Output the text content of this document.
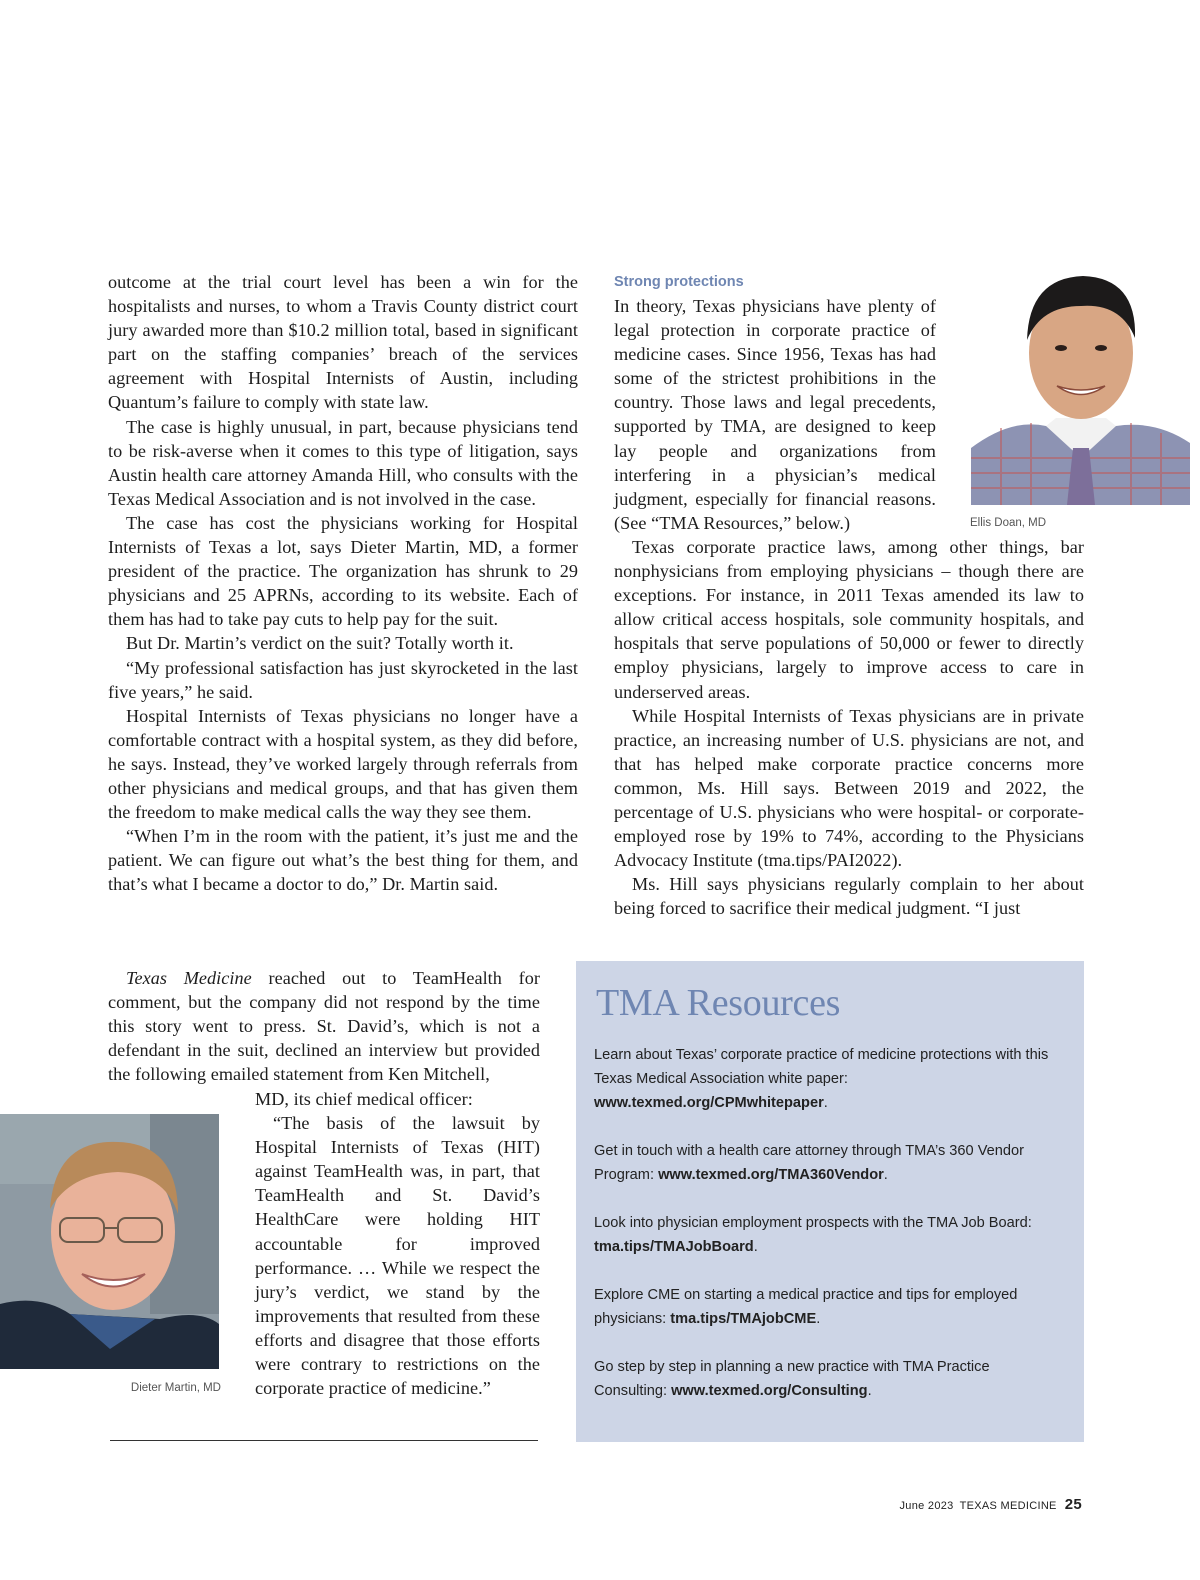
outcome at the trial court level has been a win for the hospitalists and nurses, to whom a Travis County district court jury awarded more than $10.2 million total, based in significant part on the staffing companies’ breach of the services agreement with Hospital Internists of Austin, including Quantum’s failure to comply with state law.

The case is highly unusual, in part, because physicians tend to be risk-averse when it comes to this type of litigation, says Austin health care attorney Amanda Hill, who consults with the Texas Medical Association and is not involved in the case.

The case has cost the physicians working for Hospital Internists of Texas a lot, says Dieter Martin, MD, a former president of the practice. The organization has shrunk to 29 physicians and 25 APRNs, according to its website. Each of them has had to take pay cuts to help pay for the suit.

But Dr. Martin’s verdict on the suit? Totally worth it.

“My professional satisfaction has just skyrocketed in the last five years,” he said.

Hospital Internists of Texas physicians no longer have a comfortable contract with a hospital system, as they did before, he says. Instead, they’ve worked largely through referrals from other physicians and medical groups, and that has given them the freedom to make medical calls the way they see them.

“When I’m in the room with the patient, it’s just me and the patient. We can figure out what’s the best thing for them, and that’s what I became a doctor to do,” Dr. Martin said.

Texas Medicine reached out to TeamHealth for comment, but the company did not respond by the time this story went to press. St. David’s, which is not a defendant in the suit, declined an interview but provided the following emailed statement from Ken Mitchell,

MD, its chief medical officer:

“The basis of the lawsuit by Hospital Internists of Texas (HIT) against TeamHealth was, in part, that TeamHealth and St. David’s HealthCare were holding HIT accountable for improved performance. … While we respect the jury’s verdict, we stand by the improvements that resulted from these efforts and disagree that those efforts were contrary to restrictions on the corporate practice of medicine.”

Dieter Martin, MD
Strong protections

In theory, Texas physicians have plenty of legal protection in corporate practice of medicine cases. Since 1956, Texas has had some of the strictest prohibitions in the country. Those laws and legal precedents, supported by TMA, are designed to keep lay people and organizations from interfering in a physician’s medical judgment, especially for financial reasons. (See “TMA Resources,” below.)

Texas corporate practice laws, among other things, bar nonphysicians from employing physicians – though there are exceptions. For instance, in 2011 Texas amended its law to allow critical access hospitals, sole community hospitals, and hospitals that serve populations of 50,000 or fewer to directly employ physicians, largely to improve access to care in underserved areas.

While Hospital Internists of Texas physicians are in private practice, an increasing number of U.S. physicians are not, and that has helped make corporate practice concerns more common, Ms. Hill says. Between 2019 and 2022, the percentage of U.S. physicians who were hospital- or corporate-employed rose by 19% to 74%, according to the Physicians Advocacy Institute (tma.tips/PAI2022).

Ms. Hill says physicians regularly complain to her about being forced to sacrifice their medical judgment. “I just

Ellis Doan, MD
TMA Resources
Learn about Texas’ corporate practice of medicine protections with this Texas Medical Association white paper: www.texmed.org/CPMwhitepaper.
Get in touch with a health care attorney through TMA’s 360 Vendor Program: www.texmed.org/TMA360Vendor.
Look into physician employment prospects with the TMA Job Board: tma.tips/TMAJobBoard.
Explore CME on starting a medical practice and tips for employed physicians: tma.tips/TMAjobCME.
Go step by step in planning a new practice with TMA Practice Consulting: www.texmed.org/Consulting.
June 2023 TEXAS MEDICINE 25
